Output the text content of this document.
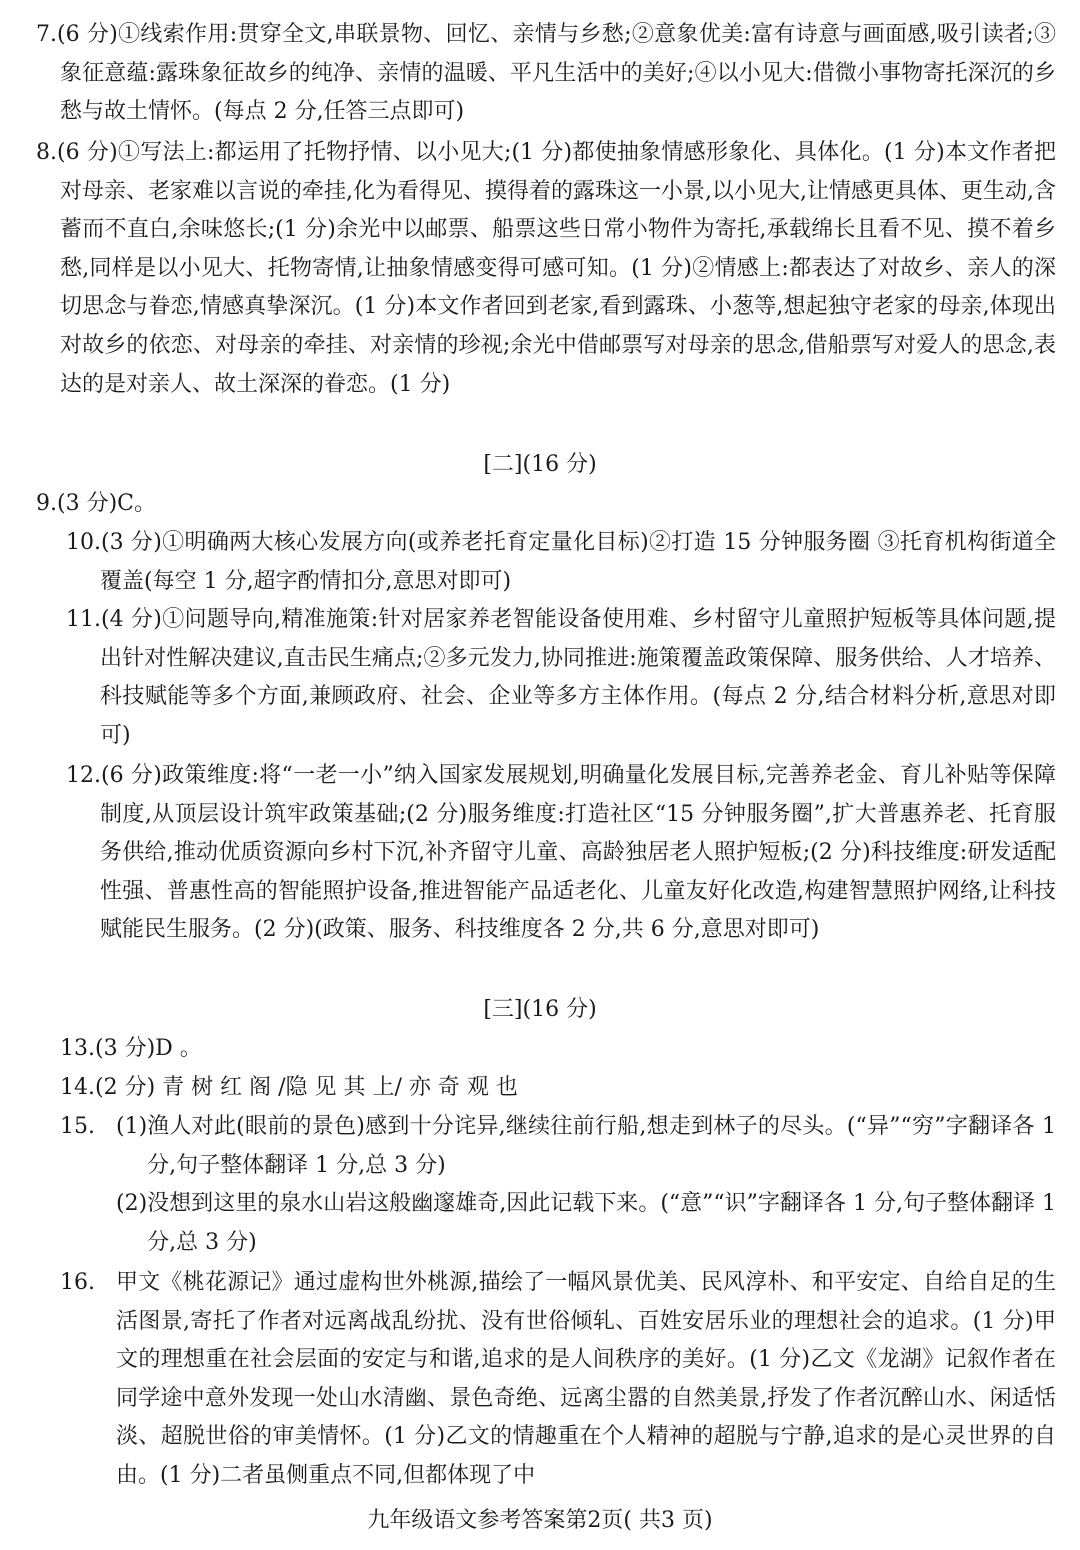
7.(6 分)①线索作用:贯穿全文,串联景物、回忆、亲情与乡愁;②意象优美:富有诗意与画面感,吸引读者;③象征意蕴:露珠象征故乡的纯净、亲情的温暖、平凡生活中的美好;④以小见大:借微小事物寄托深沉的乡愁与故土情怀。(每点 2 分,任答三点即可)
8.(6 分)①写法上:都运用了托物抒情、以小见大;(1 分)都使抽象情感形象化、具体化。(1 分)本文作者把对母亲、老家难以言说的牵挂,化为看得见、摸得着的露珠这一小景,以小见大,让情感更具体、更生动,含蓄而不直白,余味悠长;(1 分)余光中以邮票、船票这些日常小物件为寄托,承载绵长且看不见、摸不着乡愁,同样是以小见大、托物寄情,让抽象情感变得可感可知。(1 分)②情感上:都表达了对故乡、亲人的深切思念与眷恋,情感真挚深沉。(1 分)本文作者回到老家,看到露珠、小葱等,想起独守老家的母亲,体现出对故乡的依恋、对母亲的牵挂、对亲情的珍视;余光中借邮票写对母亲的思念,借船票写对爱人的思念,表达的是对亲人、故土深深的眷恋。(1 分)
[二](16 分)
9.(3 分)C。
10.(3 分)①明确两大核心发展方向(或养老托育定量化目标)②打造 15 分钟服务圈 ③托育机构街道全覆盖(每空 1 分,超字酌情扣分,意思对即可)
11.(4 分)①问题导向,精准施策:针对居家养老智能设备使用难、乡村留守儿童照护短板等具体问题,提出针对性解决建议,直击民生痛点;②多元发力,协同推进:施策覆盖政策保障、服务供给、人才培养、科技赋能等多个方面,兼顾政府、社会、企业等多方主体作用。(每点 2 分,结合材料分析,意思对即可)
12.(6 分)政策维度:将“一老一小”纳入国家发展规划,明确量化发展目标,完善养老金、育儿补贴等保障制度,从顶层设计筑牢政策基础;(2 分)服务维度:打造社区“15 分钟服务圈”,扩大普惠养老、托育服务供给,推动优质资源向乡村下沉,补齐留守儿童、高龄独居老人照护短板;(2 分)科技维度:研发适配性强、普惠性高的智能照护设备,推进智能产品适老化、儿童友好化改造,构建智慧照护网络,让科技赋能民生服务。(2 分)(政策、服务、科技维度各 2 分,共 6 分,意思对即可)
[三](16 分)
13.(3 分)D 。
14.(2 分) 青 树 红 阁 /隐 见 其 上/ 亦 奇 观 也
15. (1) 渔人对此(眼前的景色)感到十分诧异,继续往前行船,想走到林子的尽头。(“异”“穷”字翻译各 1 分,句子整体翻译 1 分,总 3 分)
(2) 没想到这里的泉水山岩这般幽邃雄奇,因此记载下来。(“意”“识”字翻译各 1 分,句子整体翻译 1 分,总 3 分)
16. 甲文《桃花源记》通过虚构世外桃源,描绘了一幅风景优美、民风淳朴、和平安定、自给自足的生活图景,寄托了作者对远离战乱纷扰、没有世俗倾轧、百姓安居乐业的理想社会的追求。(1 分)甲文的理想重在社会层面的安定与和谐,追求的是人间秩序的美好。(1 分)乙文《龙湖》记叙作者在同学途中意外发现一处山水清幽、景色奇绝、远离尘嚣的自然美景,抒发了作者沉醉山水、闲适恬淡、超脱世俗的审美情怀。(1 分)乙文的情趣重在个人精神的超脱与宁静,追求的是心灵世界的自由。(1 分)二者虽侧重点不同,但都体现了中
九年级语文参考答案第2页( 共3 页)
